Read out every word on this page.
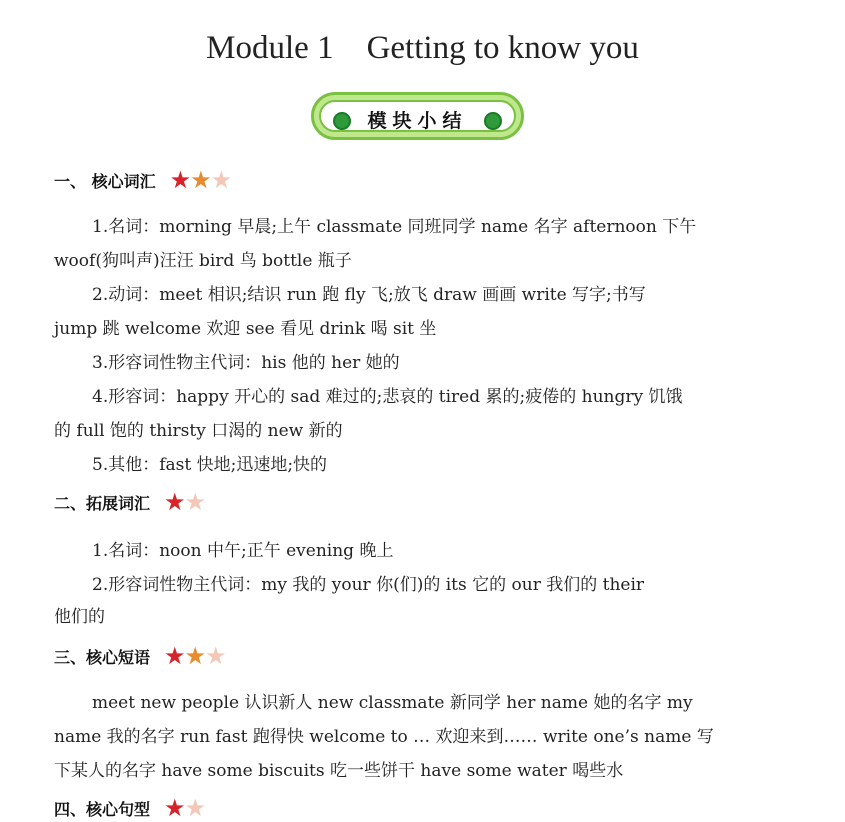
Module 1    Getting to know you
模块小结
一、 核心词汇 ★ ★ ★
1.名词：morning 早晨;上午 classmate 同班同学 name 名字 afternoon 下午
woof(狗叫声)汪汪 bird 鸟 bottle 瓶子
2.动词：meet 相识;结识 run 跑 fly 飞;放飞 draw 画画 write 写字;书写
jump 跳 welcome 欢迎 see 看见 drink 喝 sit 坐
3.形容词性物主代词：his 他的 her 她的
4.形容词：happy 开心的 sad 难过的;悲哀的 tired 累的;疲倦的 hungry 饥饿
的 full 饱的 thirsty 口渴的 new 新的
5.其他：fast 快地;迅速地;快的
二、拓展词汇 ★ ★
1.名词：noon 中午;正午 evening 晚上
2.形容词性物主代词：my 我的 your 你(们)的 its 它的 our 我们的 their
他们的
三、核心短语 ★ ★ ★
meet new people 认识新人 new classmate 新同学 her name 她的名字 my
name 我的名字 run fast 跑得快 welcome to … 欢迎来到…… write one’s name 写
下某人的名字 have some biscuits 吃一些饼干 have some water 喝些水
四、核心句型 ★ ★
